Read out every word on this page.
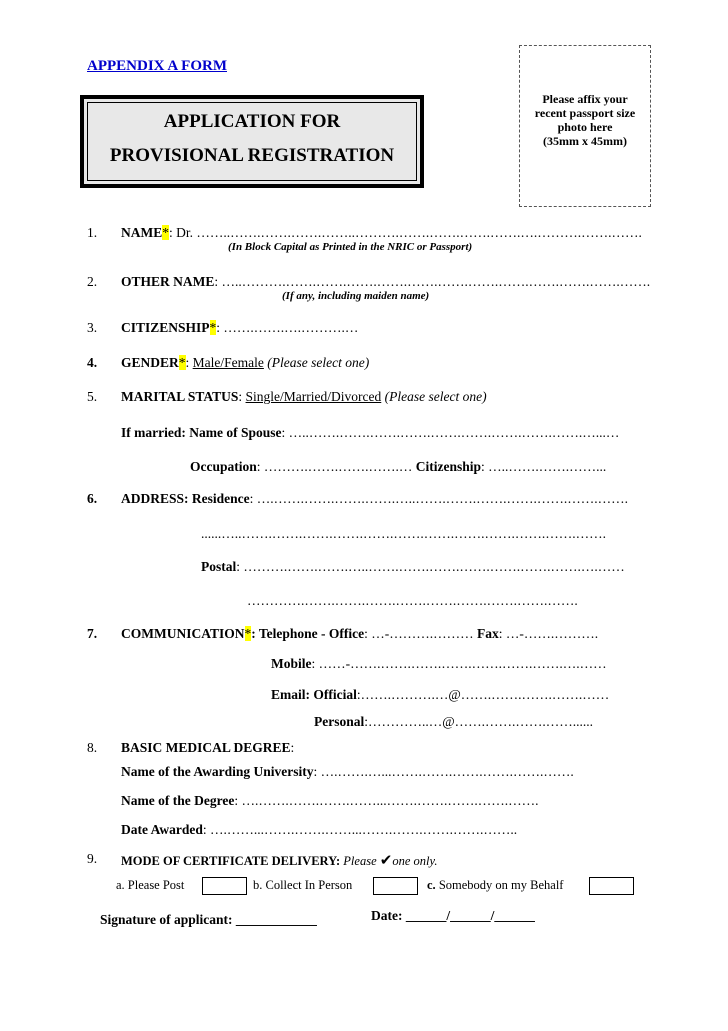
APPENDIX A FORM
APPLICATION FOR
PROVISIONAL REGISTRATION
Please affix your
recent passport size
photo here
(35mm x 45mm)
1. NAME*: Dr. ……..…….…….…….……..……….…….…….…….…….….……….…….…….
(In Block Capital as Printed in the NRIC or Passport)
2. OTHER NAME: …..……….…….…….…….…….…….…….…….…….…….…….…….…….
(If any, including maiden name)
3. CITIZENSHIP*: …….…….….……….…
4. GENDER*: Male/Female (Please select one)
5. MARITAL STATUS: Single/Married/Divorced (Please select one)
If married: Name of Spouse: …..…….…….…….…….…….…….…….…….…….…...…
Occupation: ……….…….…….…….… Citizenship: …..…….…….……...
6. ADDRESS: Residence: ….…….…….…….…….…..…….…….…….…….…….…….…….
......…..…….…….…….…….…….…….…….…….…….…….…….…….
Postal: ……….…….…….…..…….…….…….…….…….…….…….….……
………….…….…….…….…….…….…….…….…….…….
7. COMMUNICATION*: Telephone - Office: …-……….……… Fax: …-…….……….
Mobile: ……-…….…….…….…….…….…….…….….……
Email: Official:…….……….…@…….…….…….…….……
Personal:…………..…@…….…….…….……......
8. BASIC MEDICAL DEGREE:
Name of the Awarding University: ….…….…...…….…….…….…….…….…….
Name of the Degree: ….…….…….…….……...…….…….…….…….…….
Date Awarded: ….……...…….…….……...…….…….…….…….……..
9. MODE OF CERTIFICATE DELIVERY: Please ✔one only.
a. Please Post	b. Collect In Person	c. Somebody on my Behalf
Signature of applicant: ____________	Date: ______/______/______
